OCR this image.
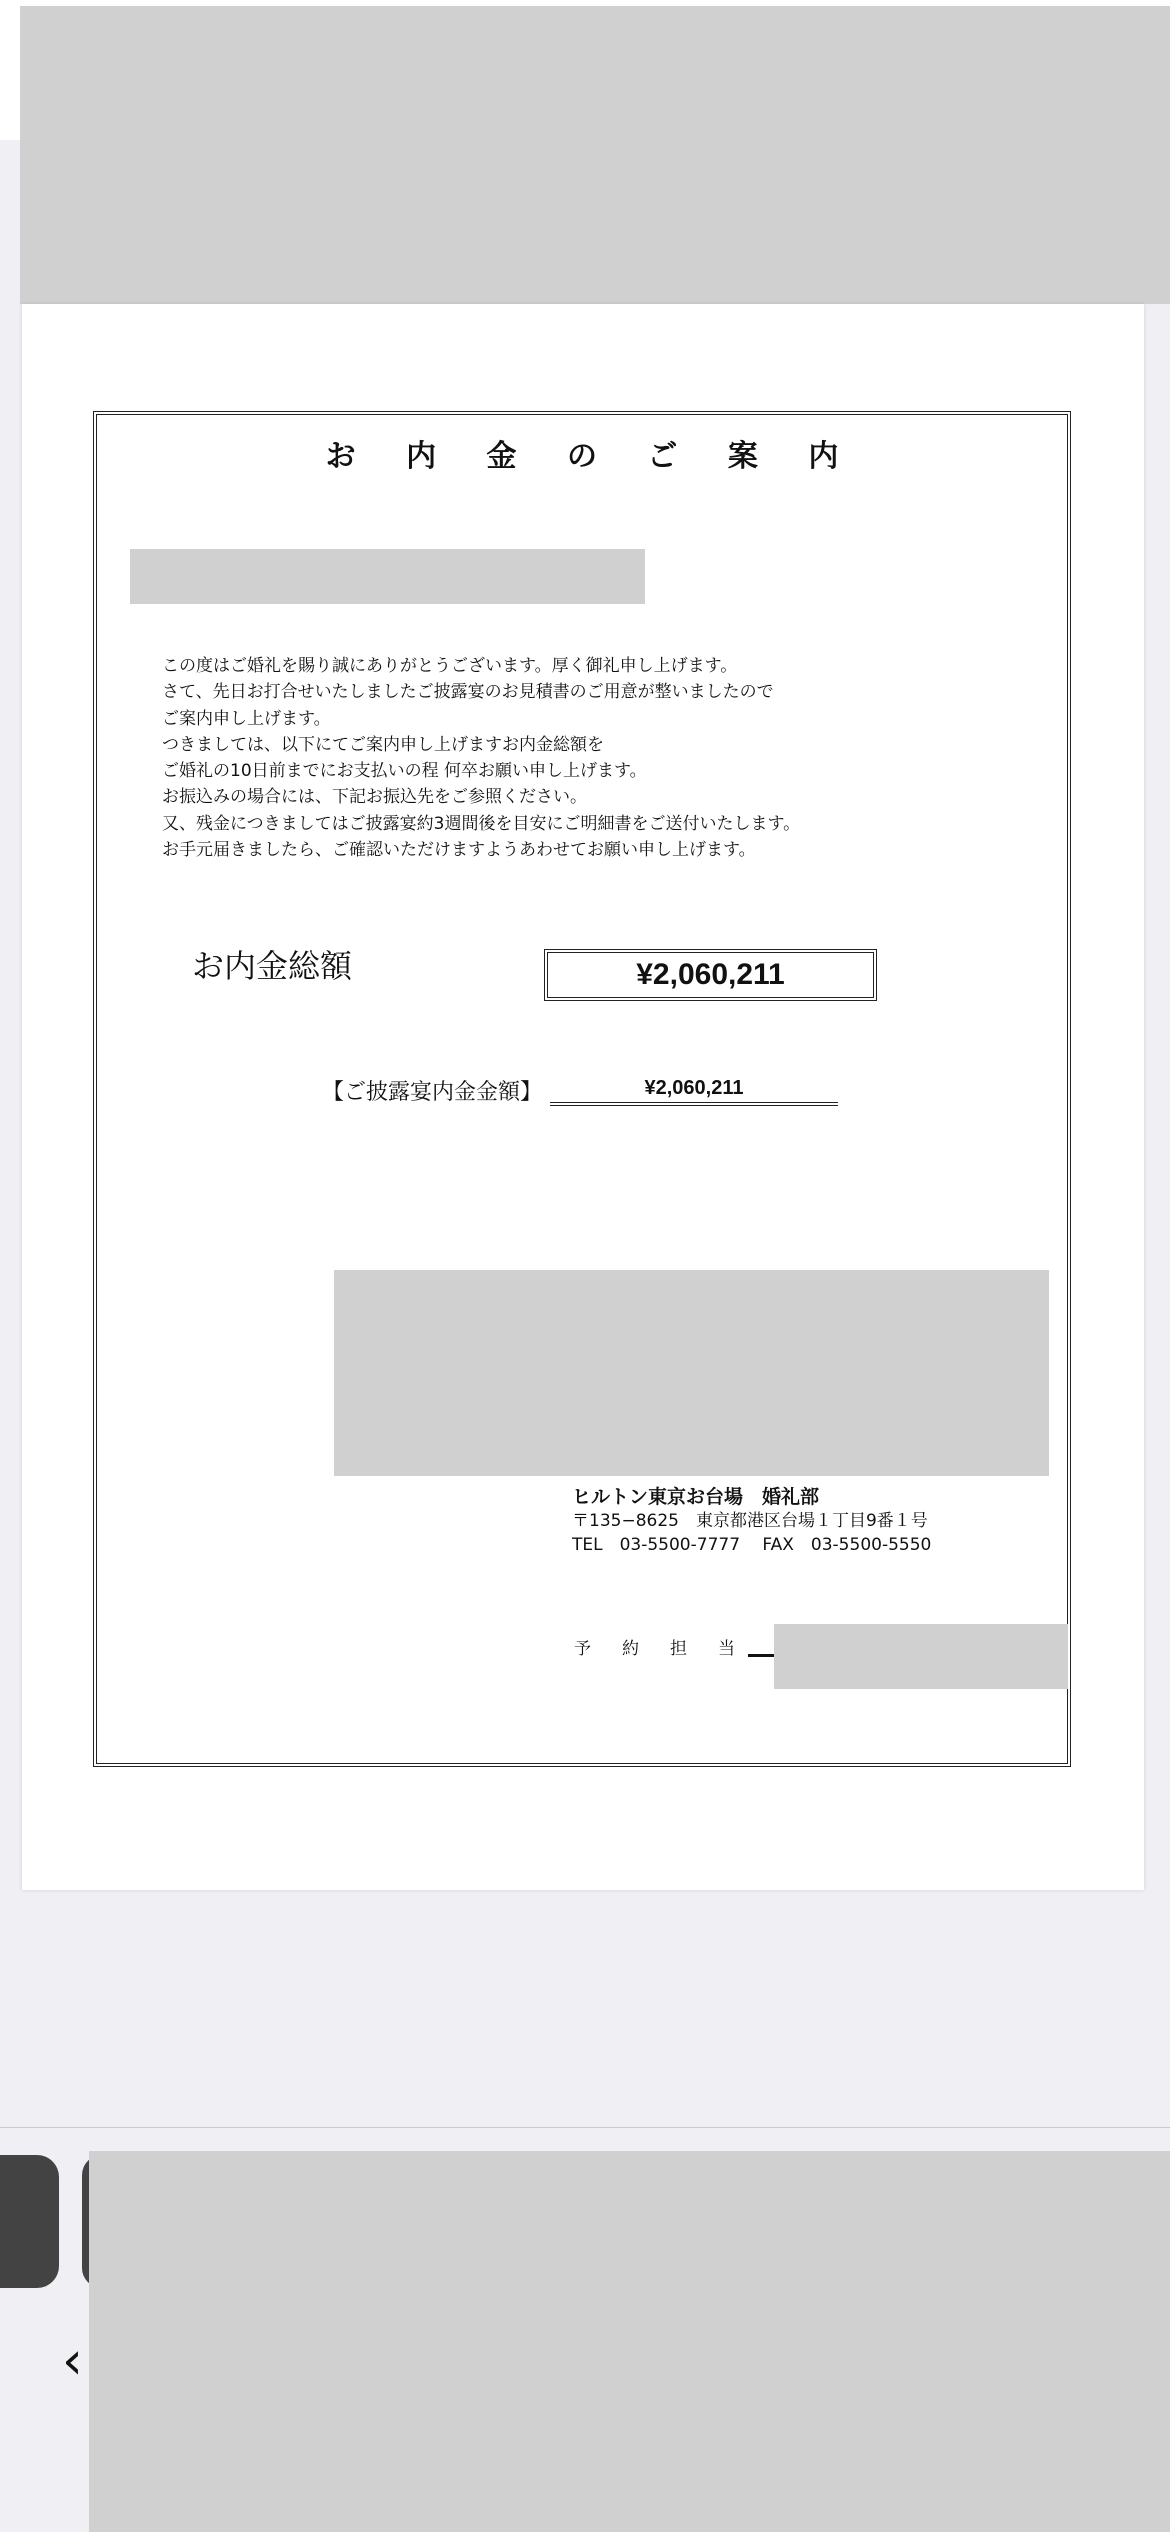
お 内 金 の ご 案 内
この度はご婚礼を賜り誠にありがとうございます。厚く御礼申し上げます。
さて、先日お打合せいたしましたご披露宴のお見積書のご用意が整いましたので
ご案内申し上げます。
つきましては、以下にてご案内申し上げますお内金総額を
ご婚礼の10日前までにお支払いの程 何卒お願い申し上げます。
お振込みの場合には、下記お振込先をご参照ください。
又、残金につきましてはご披露宴約3週間後を目安にご明細書をご送付いたします。
お手元届きましたら、ご確認いただけますようあわせてお願い申し上げます。
お内金総額	¥2,060,211
【ご披露宴内金金額】	¥2,060,211
ヒルトン東京お台場　婚礼部
〒135−8625　東京都港区台場１丁目9番１号
TEL　03-5500-7777　 FAX　03-5500-5550
予約担当
‹
